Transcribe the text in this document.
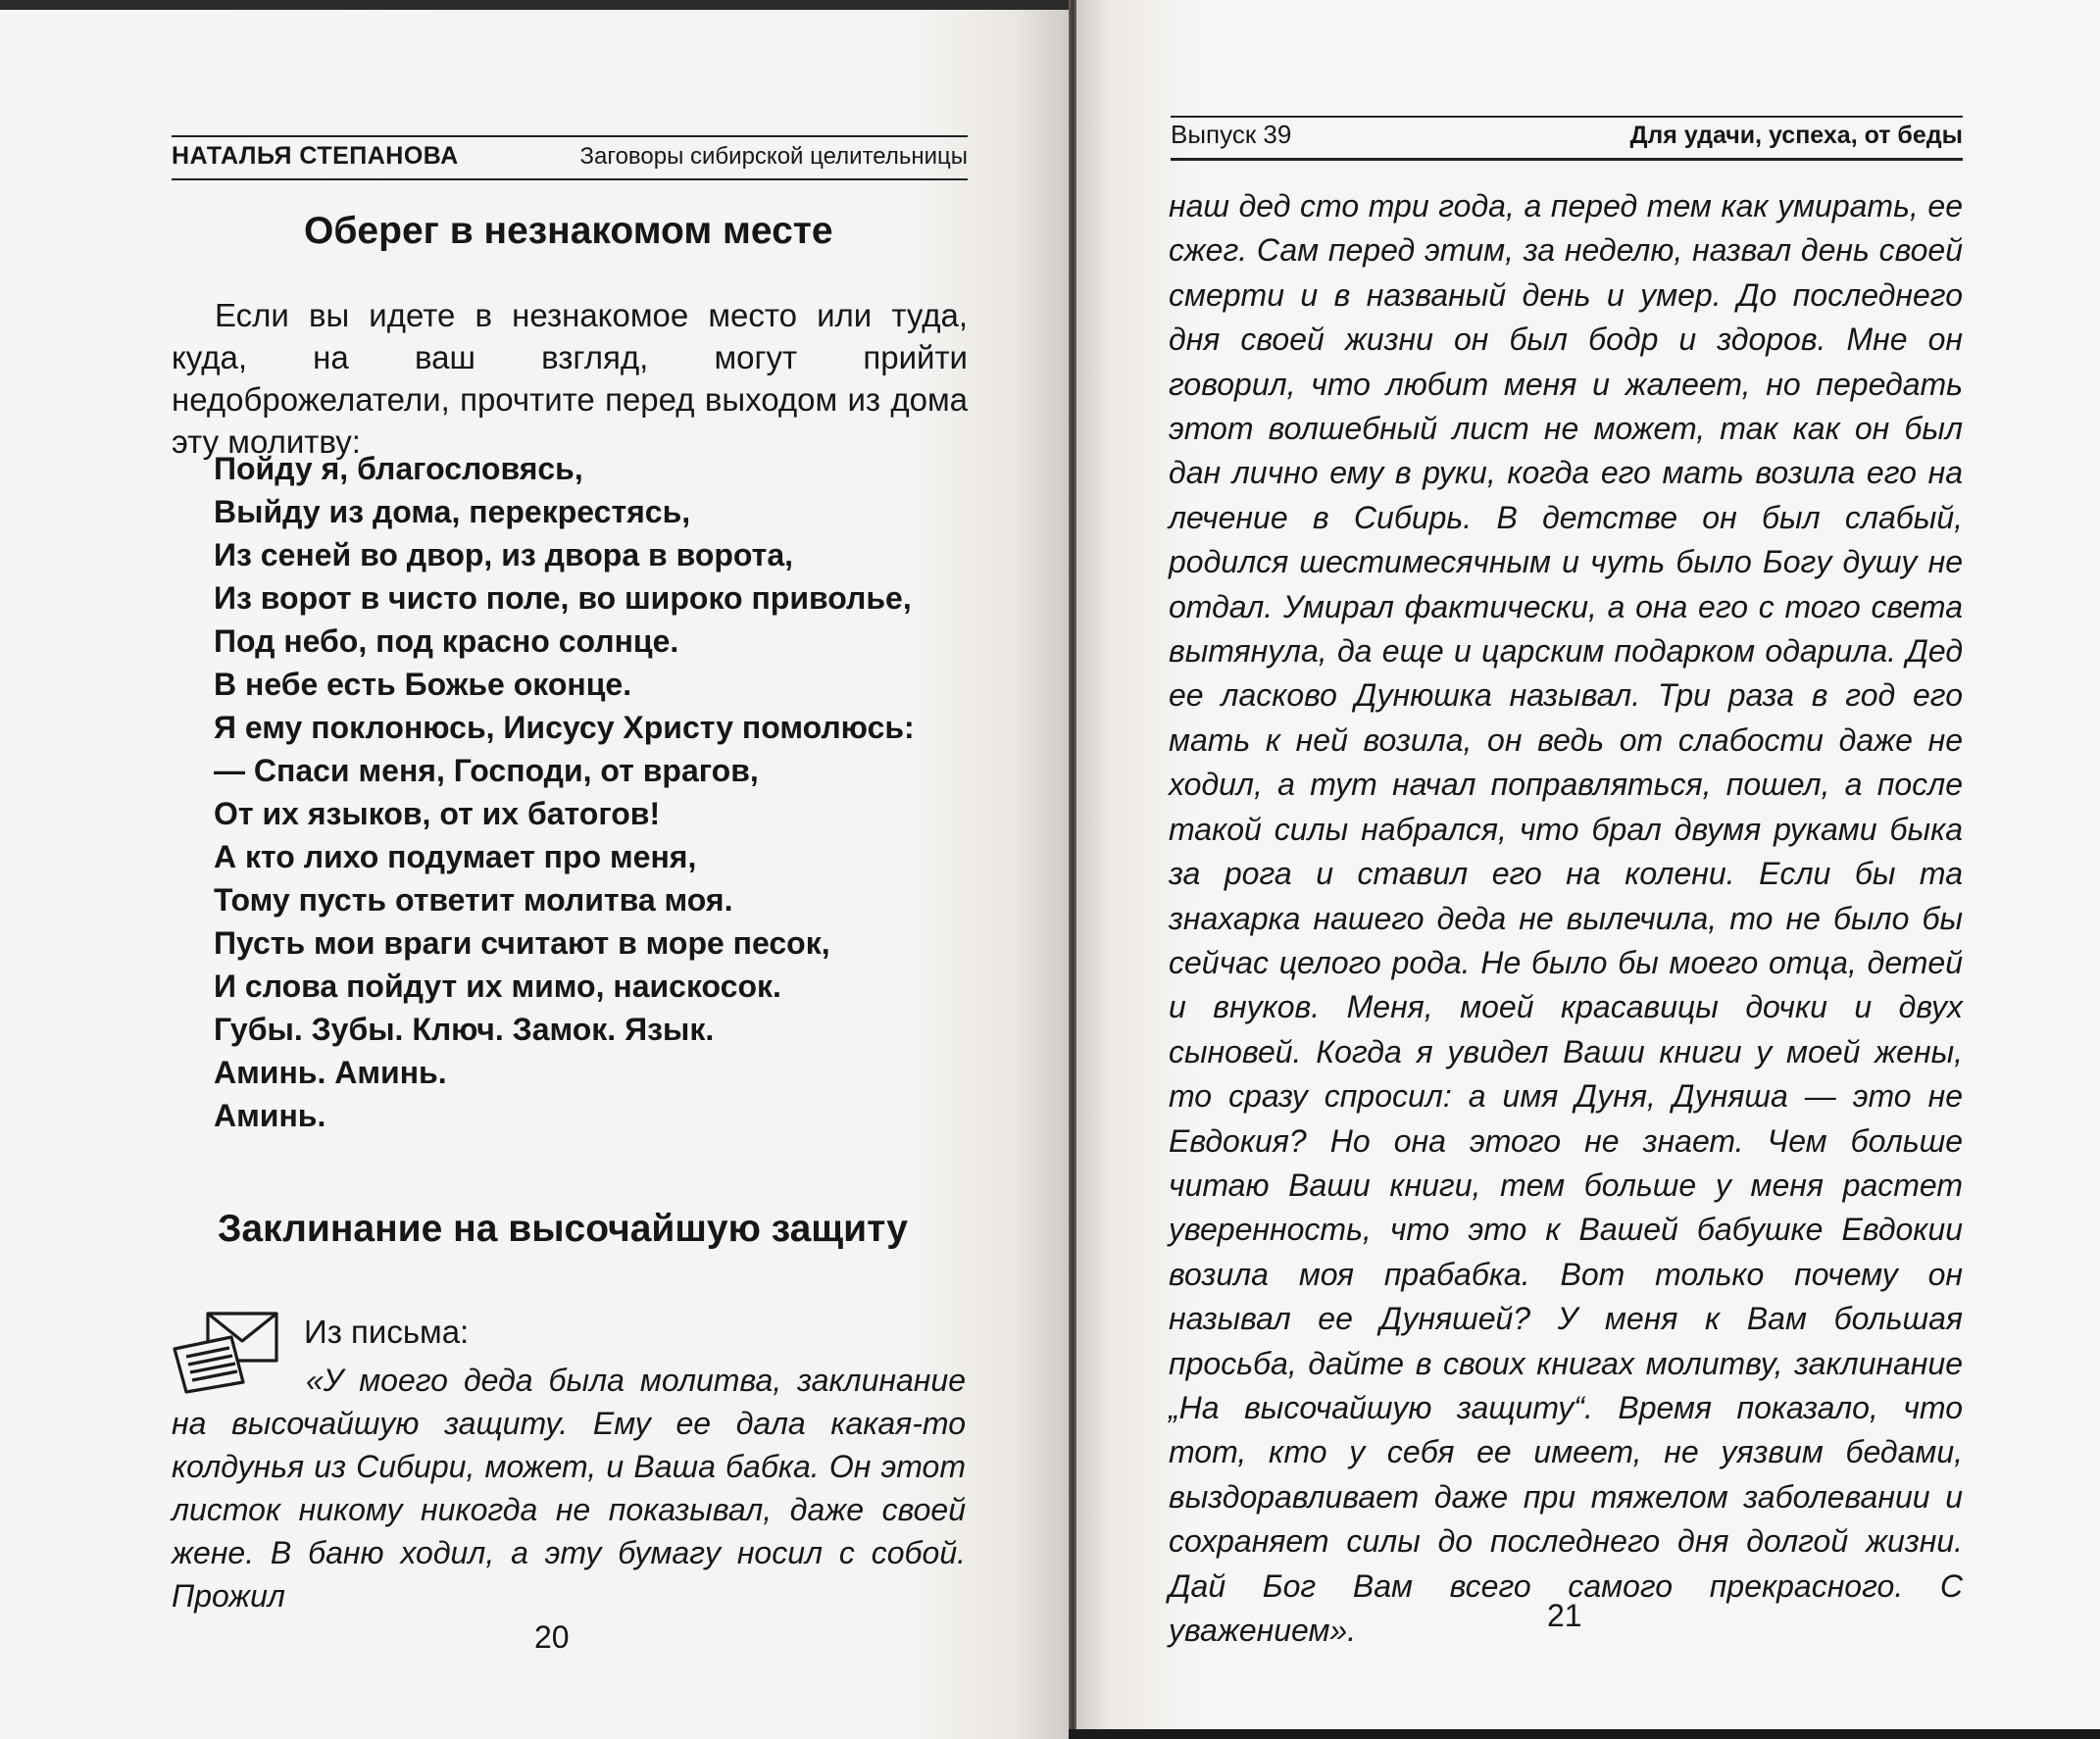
НАТАЛЬЯ СТЕПАНОВА	Заговоры сибирской целительницы
Оберег в незнакомом месте

Если вы идете в незнакомое место или туда, куда, на ваш взгляд, могут прийти недоброжелатели, прочтите перед выходом из дома эту молитву:

Пойду я, благословясь,
Выйду из дома, перекрестясь,
Из сеней во двор, из двора в ворота,
Из ворот в чисто поле, во широко приволье,
Под небо, под красно солнце.
В небе есть Божье оконце.
Я ему поклонюсь, Иисусу Христу помолюсь:
— Спаси меня, Господи, от врагов,
От их языков, от их батогов!
А кто лихо подумает про меня,
Тому пусть ответит молитва моя.
Пусть мои враги считают в море песок,
И слова пойдут их мимо, наискосок.
Губы. Зубы. Ключ. Замок. Язык.
Аминь. Аминь.
Аминь.
Заклинание на высочайшую защиту
Из письма:

«У моего деда была молитва, заклинание на высочайшую защиту. Ему ее дала какая-то колдунья из Сибири, может, и Ваша бабка. Он этот листок никому никогда не показывал, даже своей жене. В баню ходил, а эту бумагу носил с собой. Прожил

20
Выпуск 39	Для удачи, успеха, от беды

наш дед сто три года, а перед тем как умирать, ее сжег. Сам перед этим, за неделю, назвал день своей смерти и в названый день и умер. До последнего дня своей жизни он был бодр и здоров. Мне он говорил, что любит меня и жалеет, но передать этот волшебный лист не может, так как он был дан лично ему в руки, когда его мать возила его на лечение в Сибирь. В детстве он был слабый, родился шестимесячным и чуть было Богу душу не отдал. Умирал фактически, а она его с того света вытянула, да еще и царским подарком одарила. Дед ее ласково Дунюшка называл. Три раза в год его мать к ней возила, он ведь от слабости даже не ходил, а тут начал поправляться, пошел, а после такой силы набрался, что брал двумя руками быка за рога и ставил его на колени. Если бы та знахарка нашего деда не вылечила, то не было бы сейчас целого рода. Не было бы моего отца, детей и внуков. Меня, моей красавицы дочки и двух сыновей. Когда я увидел Ваши книги у моей жены, то сразу спросил: а имя Дуня, Дуняша — это не Евдокия? Но она этого не знает. Чем больше читаю Ваши книги, тем больше у меня растет уверенность, что это к Вашей бабушке Евдокии возила моя прабабка. Вот только почему он называл ее Дуняшей? У меня к Вам большая просьба, дайте в своих книгах молитву, заклинание „На высочайшую защиту“. Время показало, что тот, кто у себя ее имеет, не уязвим бедами, выздоравливает даже при тяжелом заболевании и сохраняет силы до последнего дня долгой жизни. Дай Бог Вам всего самого прекрасного. С уважением».	21
